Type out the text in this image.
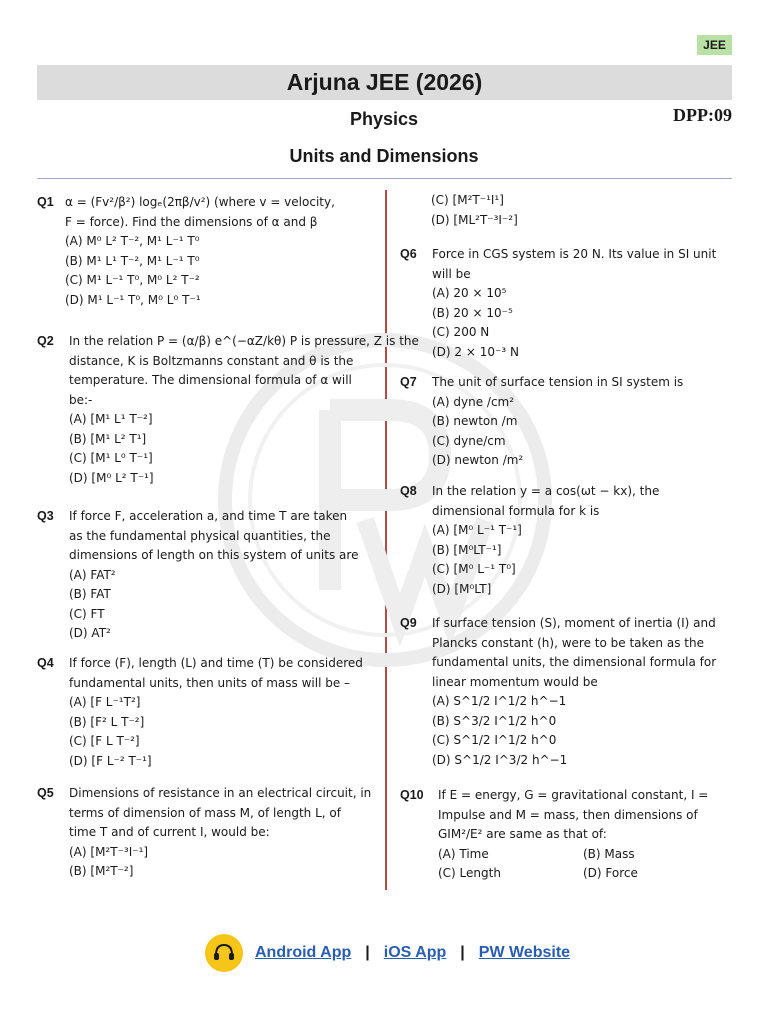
JEE
Arjuna JEE (2026)
Physics	DPP:09
Units and Dimensions
Q1 α = (Fv²/β²) logₑ(2πβ/v²) (where v = velocity,
F = force). Find the dimensions of α and β
(A) M⁰ L² T⁻², M¹ L⁻¹ T⁰
(B) M¹ L¹ T⁻², M¹ L⁻¹ T⁰
(C) M¹ L⁻¹ T⁰, M⁰ L² T⁻²
(D) M¹ L⁻¹ T⁰, M⁰ L⁰ T⁻¹
Q2 In the relation P = (α/β) e^(−αZ/kθ) P is pressure, Z is the
distance, K is Boltzmanns constant and θ is the
temperature. The dimensional formula of α will
be:-
(A) [M¹ L¹ T⁻²]
(B) [M¹ L² T¹]
(C) [M¹ L⁰ T⁻¹]
(D) [M⁰ L² T⁻¹]
Q3 If force F, acceleration a, and time T are taken
as the fundamental physical quantities, the
dimensions of length on this system of units are
(A) FAT²
(B) FAT
(C) FT
(D) AT²
Q4 If force (F), length (L) and time (T) be considered
fundamental units, then units of mass will be –
(A) [F L⁻¹T²]
(B) [F² L T⁻²]
(C) [F L T⁻²]
(D) [F L⁻² T⁻¹]
Q5 Dimensions of resistance in an electrical circuit, in
terms of dimension of mass M, of length L, of
time T and of current I, would be:
(A) [M²T⁻³I⁻¹]
(B) [M²T⁻²]
(C) [M²T⁻¹I¹]
(D) [ML²T⁻³I⁻²]
Q6 Force in CGS system is 20 N. Its value in SI unit
will be
(A) 20 × 10⁵
(B) 20 × 10⁻⁵
(C) 200 N
(D) 2 × 10⁻³ N
Q7 The unit of surface tension in SI system is
(A) dyne /cm²
(B) newton /m
(C) dyne/cm
(D) newton /m²
Q8 In the relation y = a cos(ωt − kx), the
dimensional formula for k is
(A) [M⁰ L⁻¹ T⁻¹]
(B) [M⁰LT⁻¹]
(C) [M⁰ L⁻¹ T⁰]
(D) [M⁰LT]
Q9 If surface tension (S), moment of inertia (I) and
Plancks constant (h), were to be taken as the
fundamental units, the dimensional formula for
linear momentum would be
(A) S^1/2 I^1/2 h^−1
(B) S^3/2 I^1/2 h^0
(C) S^1/2 I^1/2 h^0
(D) S^1/2 I^3/2 h^−1
Q10 If E = energy, G = gravitational constant, I =
Impulse and M = mass, then dimensions of
GIM²/E² are same as that of:
(A) Time	(B) Mass
(C) Length	(D) Force
Android App | iOS App | PW Website
